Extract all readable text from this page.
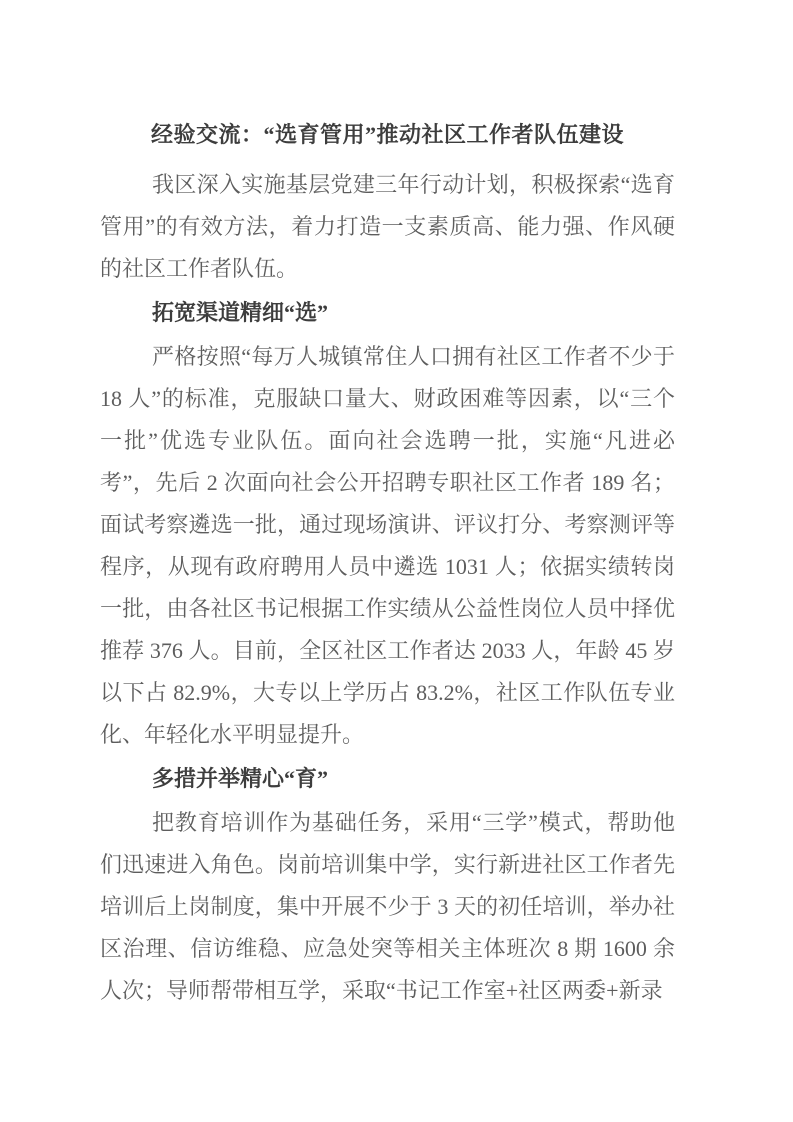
经验交流：“选育管用”推动社区工作者队伍建设

我区深入实施基层党建三年行动计划，积极探索“选育管用”的有效方法，着力打造一支素质高、能力强、作风硬的社区工作者队伍。

拓宽渠道精细“选”

严格按照“每万人城镇常住人口拥有社区工作者不少于 18 人”的标准，克服缺口量大、财政困难等因素，以“三个一批”优选专业队伍。面向社会选聘一批，实施“凡进必考”，先后 2 次面向社会公开招聘专职社区工作者 189 名；面试考察遴选一批，通过现场演讲、评议打分、考察测评等程序，从现有政府聘用人员中遴选 1031 人；依据实绩转岗一批，由各社区书记根据工作实绩从公益性岗位人员中择优推荐 376 人。目前，全区社区工作者达 2033 人，年龄 45 岁以下占 82.9%，大专以上学历占 83.2%，社区工作队伍专业化、年轻化水平明显提升。

多措并举精心“育”

把教育培训作为基础任务，采用“三学”模式，帮助他们迅速进入角色。岗前培训集中学，实行新进社区工作者先培训后上岗制度，集中开展不少于 3 天的初任培训，举办社区治理、信访维稳、应急处突等相关主体班次 8 期 1600 余人次；导师帮带相互学，采取“书记工作室+社区两委+新录
